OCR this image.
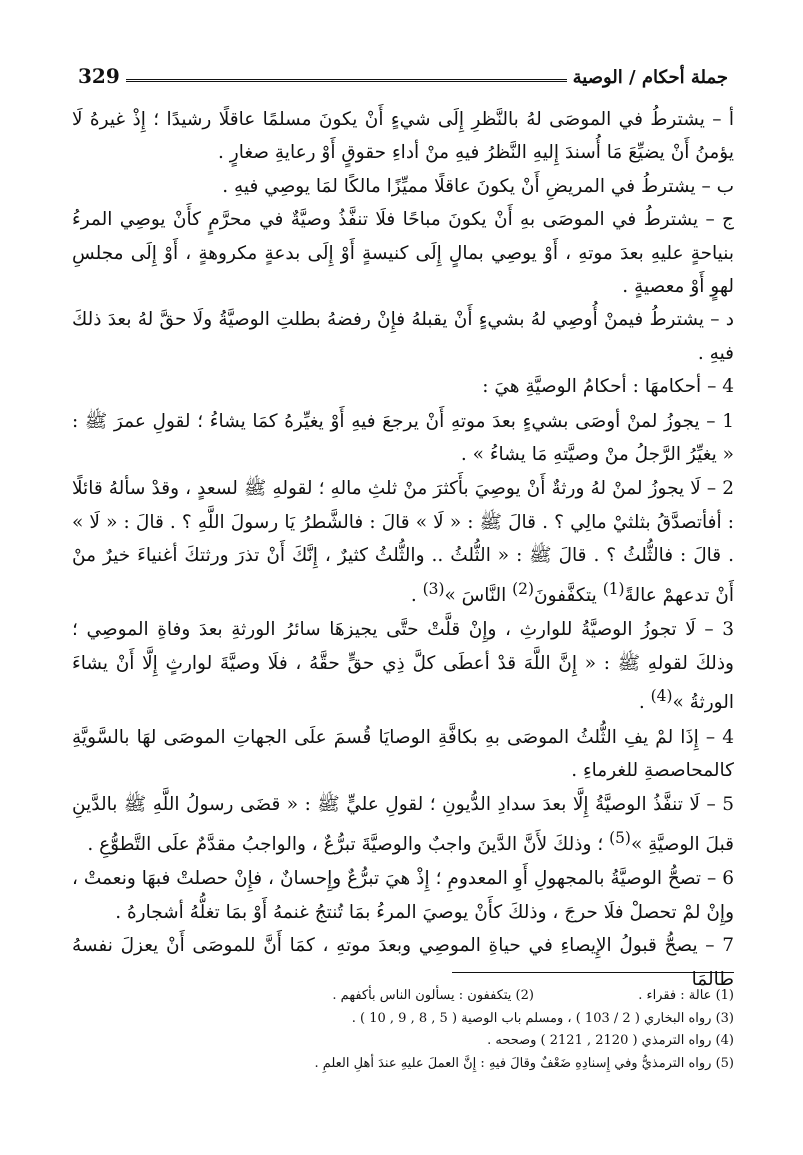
جملة أحكام / الوصية
329

أ – يشترطُ في الموصَى لهُ بالنَّظرِ إِلَى شيءٍ أَنْ يكونَ مسلمًا عاقلًا رشيدًا ؛ إِذْ غيرهُ لَا يؤمنُ أَنْ يضيِّعَ مَا أُسندَ إِليهِ النَّظرُ فيهِ منْ أداءِ حقوقٍ أَوْ رعايةِ صغارٍ .

ب – يشترطُ في المريضِ أَنْ يكونَ عاقلًا مميِّزًا مالكًا لمَا يوصِي فيهِ .

ج – يشترطُ في الموصَى بهِ أَنْ يكونَ مباحًا فلَا تنفَّذُ وصيَّةٌ في محرَّمٍ كأَنْ يوصِي المرءُ بنياحةٍ عليهِ بعدَ موتهِ ، أَوْ يوصِي بمالٍ إِلَى كنيسةٍ أَوْ إِلَى بدعةٍ مكروهةٍ ، أَوْ إِلَى مجلسِ لهوٍ أَوْ معصيةٍ .

د – يشترطُ فيمنْ أُوصِي لهُ بشيءٍ أَنْ يقبلهُ فإِنْ رفضهُ بطلتِ الوصيَّةُ ولَا حقَّ لهُ بعدَ ذلكَ فيهِ .

4 – أحكامهَا : أحكامُ الوصيَّةِ هيَ :

1 – يجوزُ لمنْ أوصَى بشيءٍ بعدَ موتهِ أَنْ يرجعَ فيهِ أَوْ يغيِّرهُ كمَا يشاءُ ؛ لقولِ عمرَ ﷺ : « يغيِّرُ الرَّجلُ منْ وصيَّتهِ مَا يشاءُ » .

2 – لَا يجوزُ لمنْ لهُ ورثةٌ أَنْ يوصِيَ بأَكثرَ منْ ثلثِ مالهِ ؛ لقولهِ ﷺ لسعدٍ ، وقدْ سألهُ قائلًا : أفأتصدَّقُ بثلثيْ مالِي ؟ . قالَ ﷺ : « لَا » قالَ : فالشَّطرُ يَا رسولَ اللَّهِ ؟ . قالَ : « لَا » . قالَ : فالثُّلثُ ؟ . قالَ ﷺ : « الثُّلثُ .. والثُّلثُ كثيرٌ ، إِنَّكَ أَنْ تذرَ ورثتكَ أغنياءَ خيرٌ منْ أَنْ تدعهمْ عالةً$^{(1)}$ يتكفَّفونَ$^{(2)}$ النَّاسَ »$^{(3)}$ .

3 – لَا تجوزُ الوصيَّةُ للوارثِ ، وإِنْ قلَّتْ حتَّى يجيزهَا سائرُ الورثةِ بعدَ وفاةِ الموصِي ؛ وذلكَ لقولهِ ﷺ : « إِنَّ اللَّهَ قدْ أعطَى كلَّ ذِي حقٍّ حقَّهُ ، فلَا وصيَّةَ لوارثٍ إِلَّا أَنْ يشاءَ الورثةُ »$^{(4)}$ .

4 – إِذَا لمْ يفِ الثُّلثُ الموصَى بهِ بكافَّةِ الوصايَا قُسمَ علَى الجهاتِ الموصَى لهَا بالسَّويَّةِ كالمحاصصةِ للغرماءِ .

5 – لَا تنفَّذُ الوصيَّةُ إِلَّا بعدَ سدادِ الدُّيونِ ؛ لقولِ عليٍّ ﷺ : « قضَى رسولُ اللَّهِ ﷺ بالدَّينِ قبلَ الوصيَّةِ »$^{(5)}$ ؛ وذلكَ لأَنَّ الدَّينَ واجبٌ والوصيَّةَ تبرُّعٌ ، والواجبُ مقدَّمٌ علَى التَّطوُّعِ .

6 – تصحُّ الوصيَّةُ بالمجهولِ أَوِ المعدومِ ؛ إِذْ هيَ تبرُّعٌ وإِحسانٌ ، فإِنْ حصلتْ فبهَا ونعمتْ ، وإِنْ لمْ تحصلْ فلَا حرجَ ، وذلكَ كأَنْ يوصيَ المرءُ بمَا تُنتجُ غنمهُ أَوْ بمَا تغلُّهُ أشجارهُ .

7 – يصحُّ قبولُ الإِيصاءِ في حياةِ الموصِي وبعدَ موتهِ ، كمَا أَنَّ للموصَى أَنْ يعزلَ نفسهُ طالمَا

(1) عالة : فقراء .
(2) يتكففون : يسألون الناس بأكفهم .
(3) رواه البخاري ( 2 / 103 ) ، ومسلم باب الوصية ( 5 , 8 , 9 , 10 ) .
(4) رواه الترمذي ( 2120 , 2121 ) وصححه .
(5) رواه الترمذيُّ وفي إِسنادِهِ ضَعْفٌ وقالَ فيهِ : إِنَّ العملَ عليهِ عندَ أهلِ العلمِ .
